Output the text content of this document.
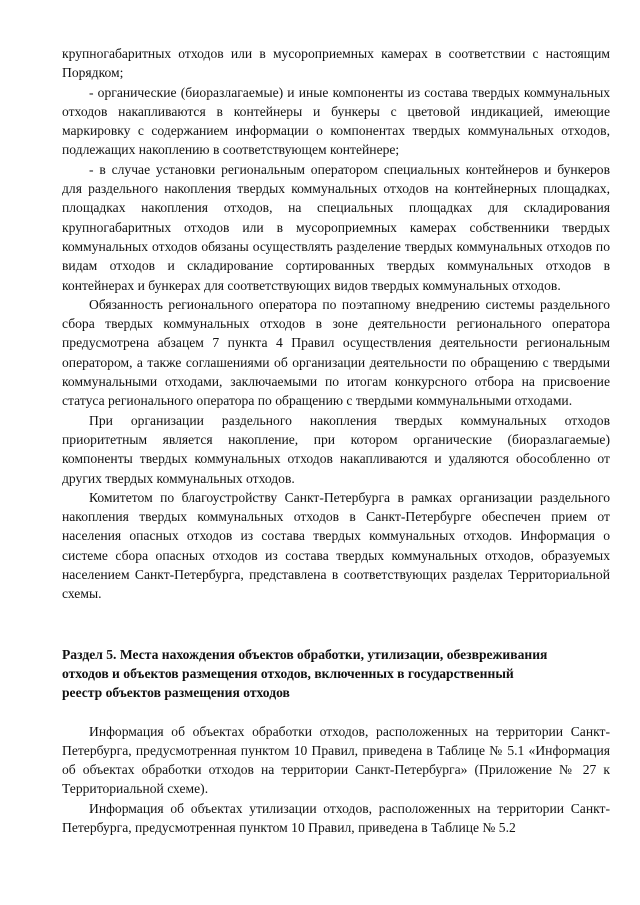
крупногабаритных отходов или в мусороприемных камерах в соответствии с настоящим Порядком;

- органические (биоразлагаемые) и иные компоненты из состава твердых коммунальных отходов накапливаются в контейнеры и бункеры с цветовой индикацией, имеющие маркировку с содержанием информации о компонентах твердых коммунальных отходов, подлежащих накоплению в соответствующем контейнере;

- в случае установки региональным оператором специальных контейнеров и бункеров для раздельного накопления твердых коммунальных отходов на контейнерных площадках, площадках накопления отходов, на специальных площадках для складирования крупногабаритных отходов или в мусороприемных камерах собственники твердых коммунальных отходов обязаны осуществлять разделение твердых коммунальных отходов по видам отходов и складирование сортированных твердых коммунальных отходов в контейнерах и бункерах для соответствующих видов твердых коммунальных отходов.

Обязанность регионального оператора по поэтапному внедрению системы раздельного сбора твердых коммунальных отходов в зоне деятельности регионального оператора предусмотрена абзацем 7 пункта 4 Правил осуществления деятельности региональным оператором, а также соглашениями об организации деятельности по обращению с твердыми коммунальными отходами, заключаемыми по итогам конкурсного отбора на присвоение статуса регионального оператора по обращению с твердыми коммунальными отходами.

При организации раздельного накопления твердых коммунальных отходов приоритетным является накопление, при котором органические (биоразлагаемые) компоненты твердых коммунальных отходов накапливаются и удаляются обособленно от других твердых коммунальных отходов.

Комитетом по благоустройству Санкт-Петербурга в рамках организации раздельного накопления твердых коммунальных отходов в Санкт-Петербурге обеспечен прием от населения опасных отходов из состава твердых коммунальных отходов. Информация о системе сбора опасных отходов из состава твердых коммунальных отходов, образуемых населением Санкт-Петербурга, представлена в соответствующих разделах Территориальной схемы.

Раздел 5. Места нахождения объектов обработки, утилизации, обезвреживания

отходов и объектов размещения отходов, включенных в государственный

реестр объектов размещения отходов

Информация об объектах обработки отходов, расположенных на территории Санкт-Петербурга, предусмотренная пунктом 10 Правил, приведена в Таблице № 5.1 «Информация об объектах обработки отходов на территории Санкт-Петербурга» (Приложение № 27 к Территориальной схеме).

Информация об объектах утилизации отходов, расположенных на территории Санкт-Петербурга, предусмотренная пунктом 10 Правил, приведена в Таблице № 5.2
